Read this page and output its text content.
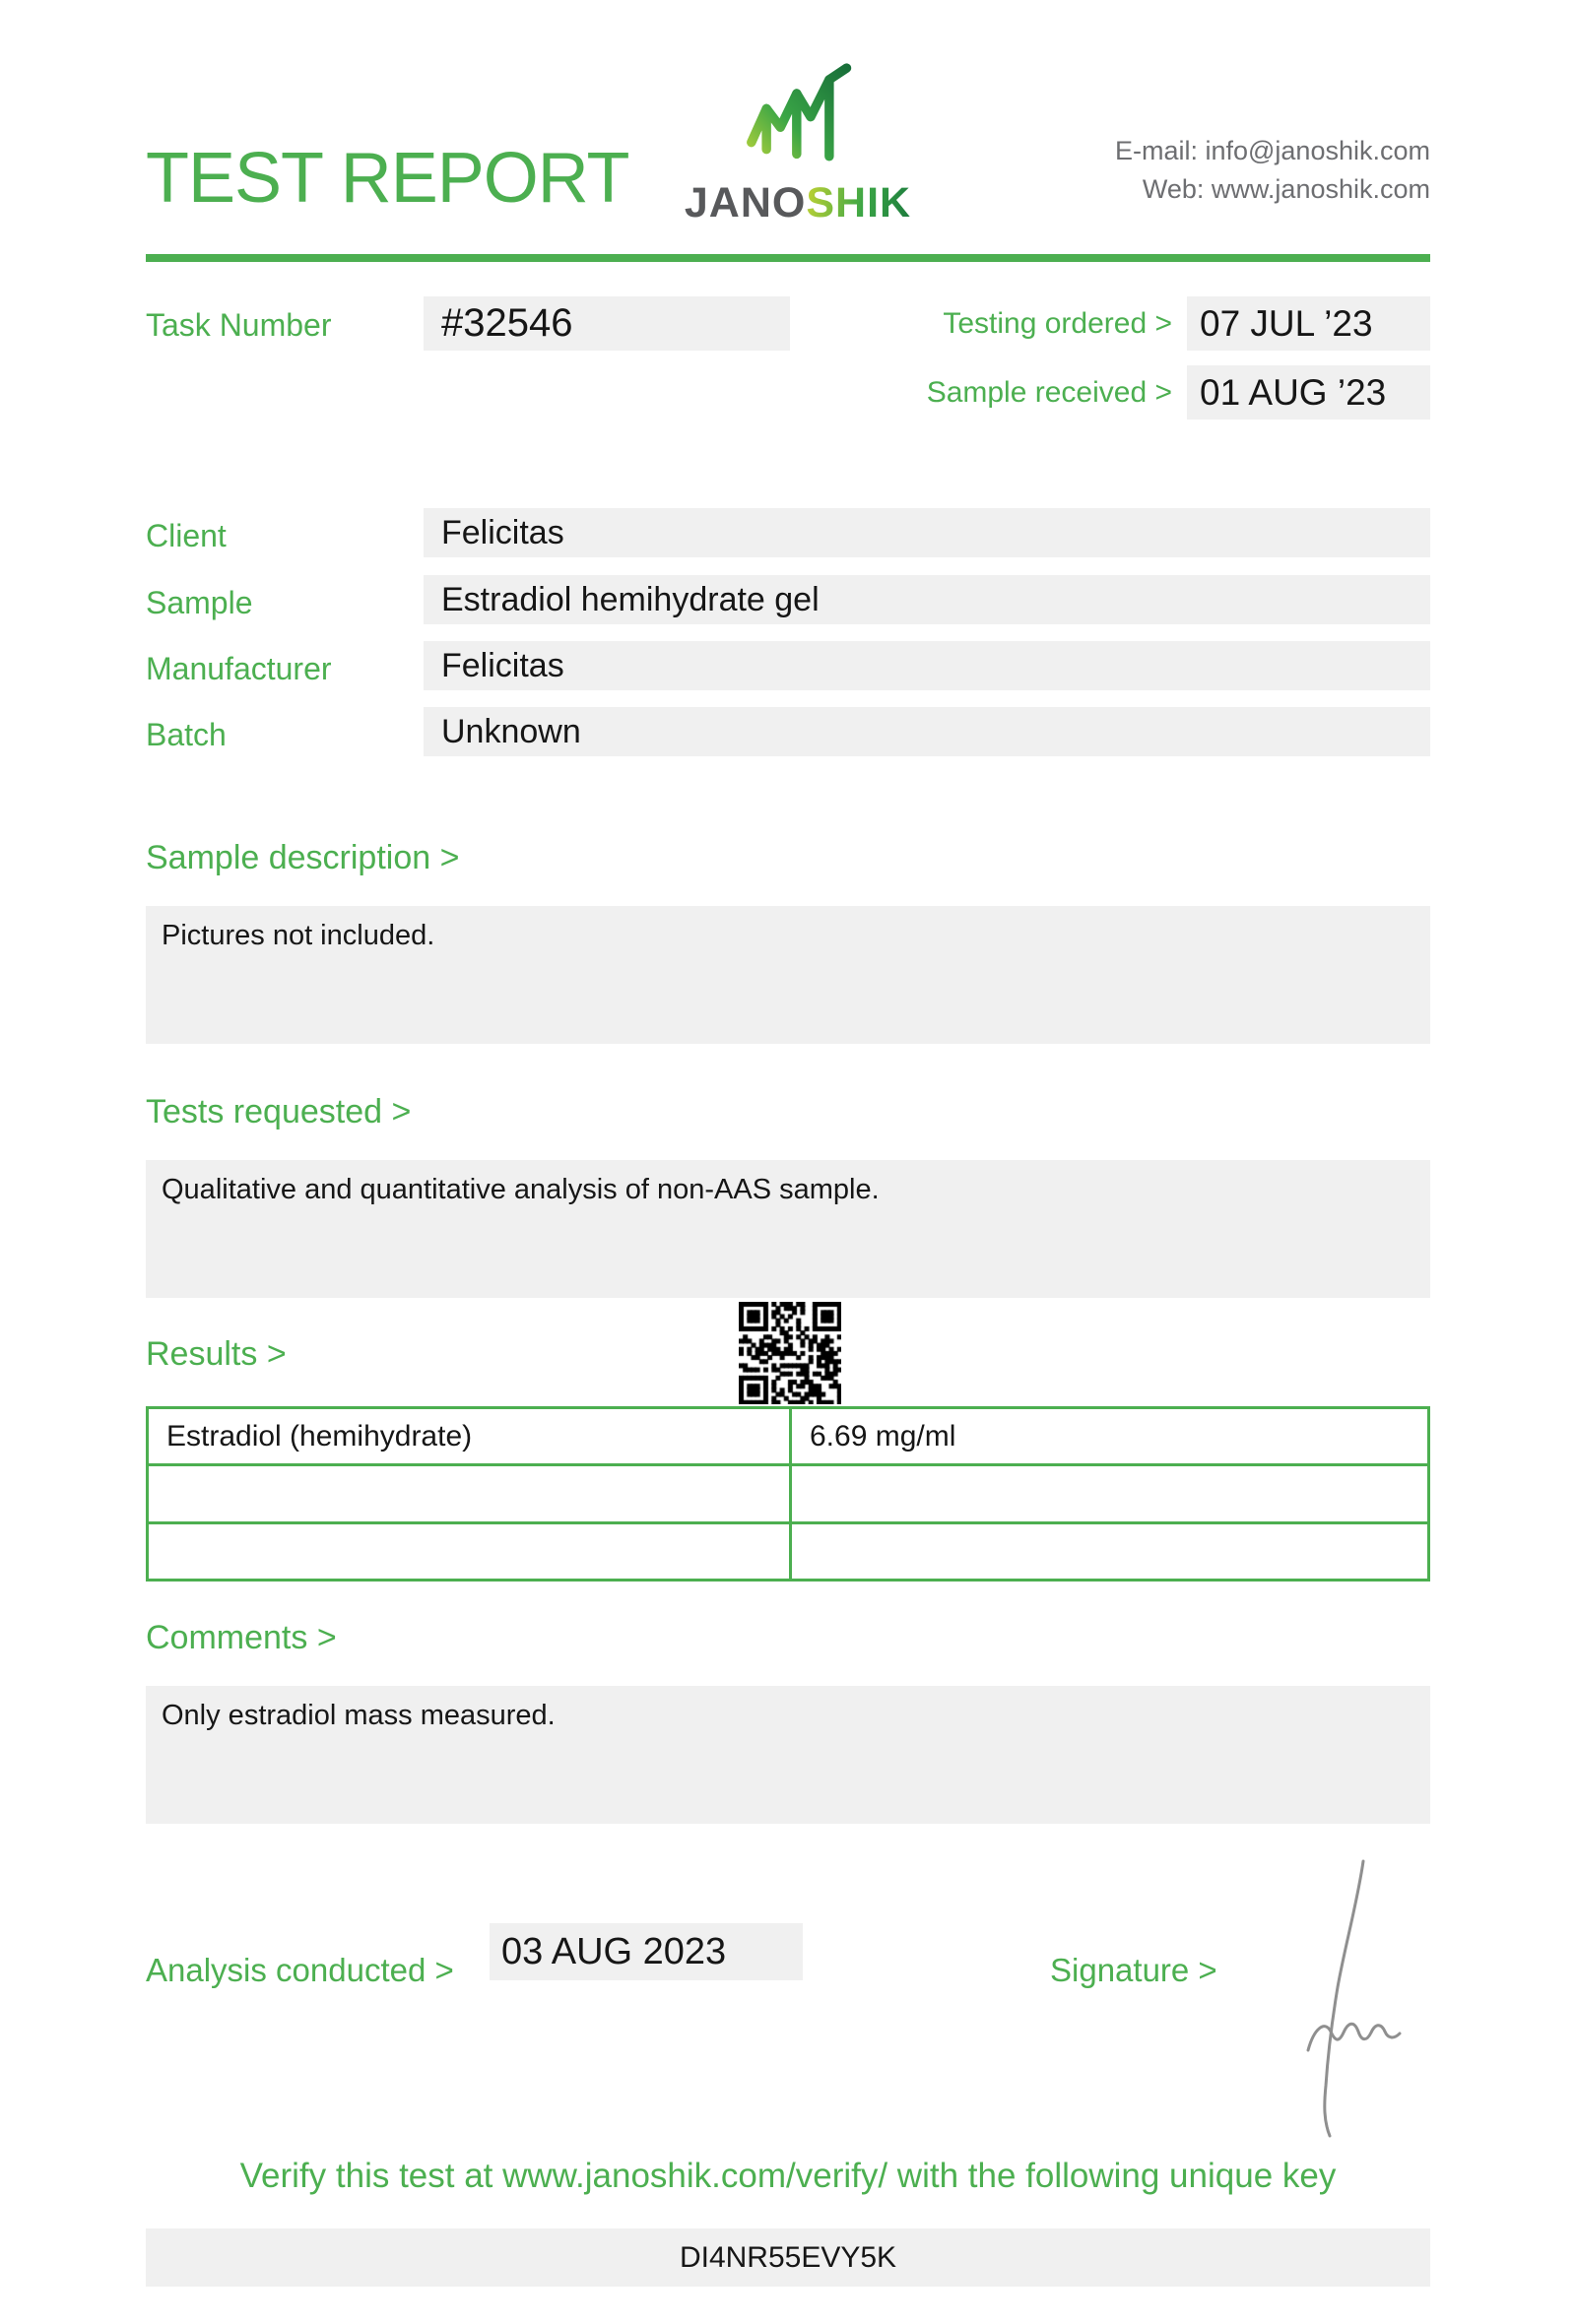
TEST REPORT JANOSHIK
E-mail: info@janoshik.com
Web: www.janoshik.com
Task Number	#32546	Testing ordered > 07 JUL ’23
Sample received > 01 AUG ’23
Client	Felicitas
Sample	Estradiol hemihydrate gel
Manufacturer	Felicitas
Batch	Unknown
Sample description >
Pictures not included.
Tests requested >
Qualitative and quantitative analysis of non-AAS sample.
Results >
Estradiol (hemihydrate)	6.69 mg/ml
Comments >
Only estradiol mass measured.
Analysis conducted >	03 AUG 2023	Signature >
Verify this test at www.janoshik.com/verify/ with the following unique key
DI4NR55EVY5K
